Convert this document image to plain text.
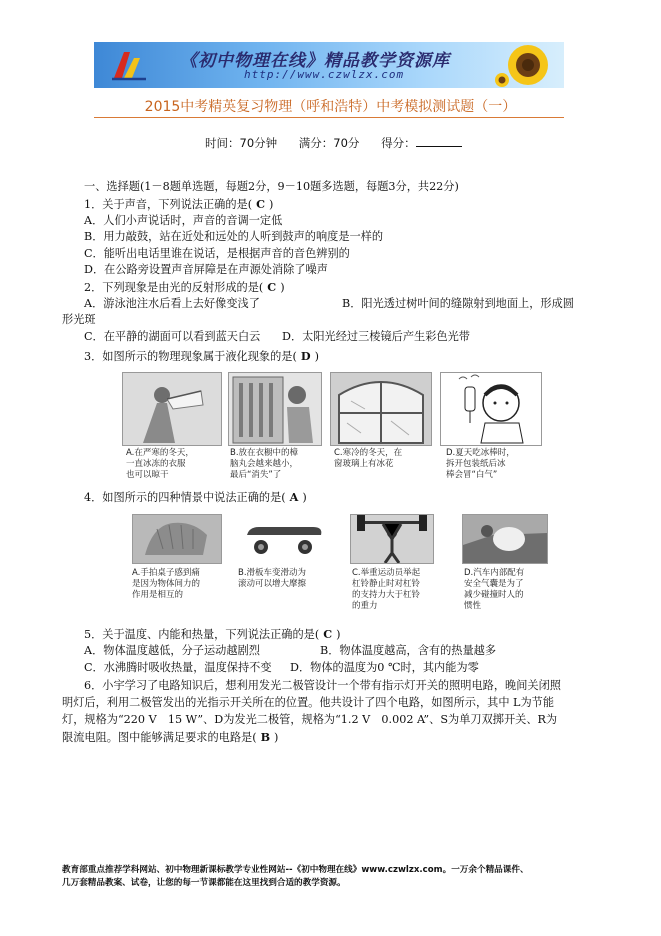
《初中物理在线》精品教学资源库
http://www.czwlzx.com
2015中考精英复习物理（呼和浩特）中考模拟测试题（一）
时间：70分钟 满分：70分 得分：
一、选择题(1－8题单选题，每题2分，9－10题多选题，每题3分，共22分)
1．关于声音，下列说法正确的是( C )
A．人们小声说话时，声音的音调一定低
B．用力敲鼓，站在近处和远处的人听到鼓声的响度是一样的
C．能听出电话里谁在说话，是根据声音的音色辨别的
D．在公路旁设置声音屏障是在声源处消除了噪声
2．下列现象是由光的反射形成的是( C )
A．游泳池注水后看上去好像变浅了	B．阳光透过树叶间的缝隙射到地面上，形成圆
形光斑
C．在平静的湖面可以看到蓝天白云 D．太阳光经过三棱镜后产生彩色光带
3．如图所示的物理现象属于液化现象的是( D )
A.在严寒的冬天，
一直冰冻的衣服
也可以晾干
B.放在衣橱中的樟
脑丸会越来越小，
最后“消失”了
C.寒冷的冬天，在
窗玻璃上有冰花
D.夏天吃冰棒时，
拆开包装纸后冰
棒会冒“白气”
4．如图所示的四种情景中说法正确的是( A )
A.手拍桌子感到痛
是因为物体间力的
作用是相互的
B.滑板车变滑动为
滚动可以增大摩擦
C.举重运动员举起
杠铃静止时对杠铃
的支持力大于杠铃
的重力
D.汽车内部配有
安全气囊是为了
减少碰撞时人的
惯性
5．关于温度、内能和热量，下列说法正确的是( C )
A．物体温度越低，分子运动越剧烈	B．物体温度越高，含有的热量越多
C．水沸腾时吸收热量，温度保持不变 D．物体的温度为0 ℃时，其内能为零
6．小宇学习了电路知识后，想利用发光二极管设计一个带有指示灯开关的照明电路，晚间关闭照
明灯后，利用二极管发出的光指示开关所在的位置。他共设计了四个电路，如图所示，其中 L为节能
灯，规格为“220 V　15 W”、D为发光二极管，规格为“1.2 V　0.002 A”、S为单刀双掷开关、R为
限流电阻。图中能够满足要求的电路是( B )
教育部重点推荐学科网站、初中物理新课标教学专业性网站--《初中物理在线》www.czwlzx.com。一万余个精品课件、
几万套精品教案、试卷，让您的每一节课都能在这里找到合适的教学资源。
